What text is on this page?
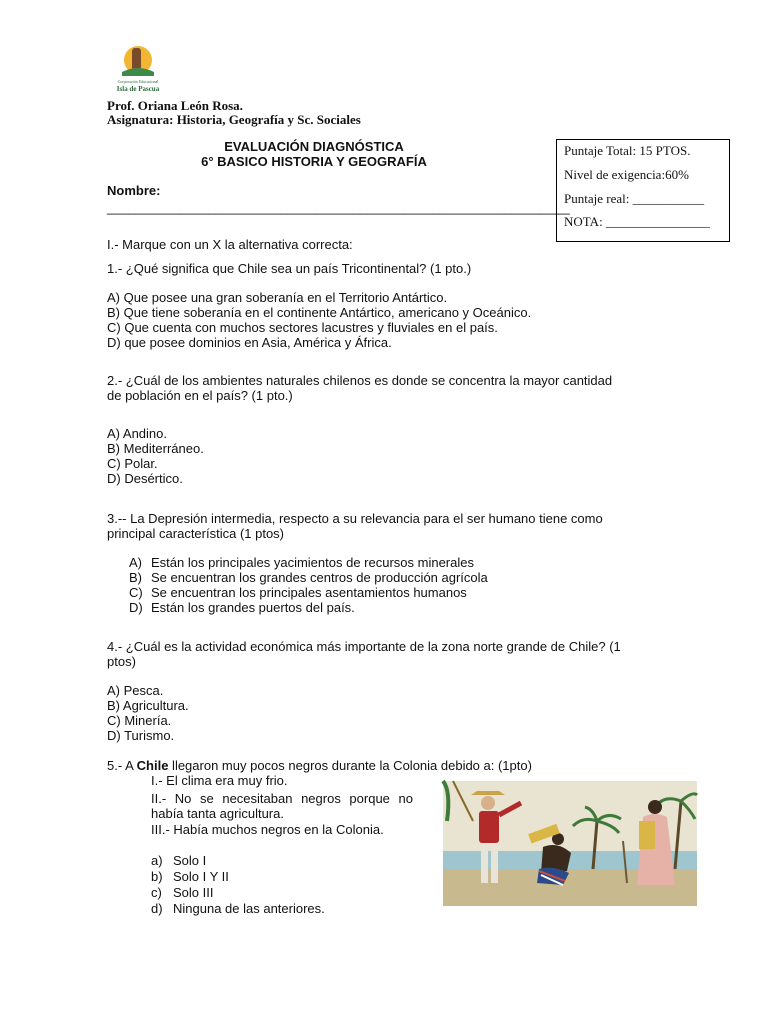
Corporación Educacional
Isla de Pascua
Prof. Oriana León Rosa.
Asignatura: Historia, Geografía y Sc. Sociales
EVALUACIÓN DIAGNÓSTICA
6° BASICO HISTORIA Y GEOGRAFÍA
Nombre:
________________________________________________________________
Puntaje Total: 15 PTOS.
Nivel de exigencia:60%
Puntaje real: ___________
NOTA: ________________
I.- Marque con un X la alternativa correcta:
1.- ¿Qué significa que Chile sea un país Tricontinental? (1 pto.)
A) Que posee una gran soberanía en el Territorio Antártico.
B) Que tiene soberanía en el continente Antártico, americano y Oceánico.
C) Que cuenta con muchos sectores lacustres y fluviales en el país.
D) que posee dominios en Asia, América y África.
2.- ¿Cuál de los ambientes naturales chilenos es donde se concentra la mayor cantidad
de población en el país? (1 pto.)
A) Andino.
B) Mediterráneo.
C) Polar.
D) Desértico.
3.-- La Depresión intermedia, respecto a su relevancia para el ser humano tiene como
principal característica (1 ptos)
A) Están los principales yacimientos de recursos minerales
B) Se encuentran los grandes centros de producción agrícola
C) Se encuentran los principales asentamientos humanos
D) Están los grandes puertos del país.
4.- ¿Cuál es la actividad económica más importante de la zona norte grande de Chile? (1
ptos)
A) Pesca.
B) Agricultura.
C) Minería.
D) Turismo.
5.- A Chile llegaron muy pocos negros durante la Colonia debido a: (1pto)
I.- El clima era muy frio.
II.- No se necesitaban negros porque no
había tanta agricultura.
III.- Había muchos negros en la Colonia.
a) Solo I
b) Solo I Y II
c) Solo III
d) Ninguna de las anteriores.
